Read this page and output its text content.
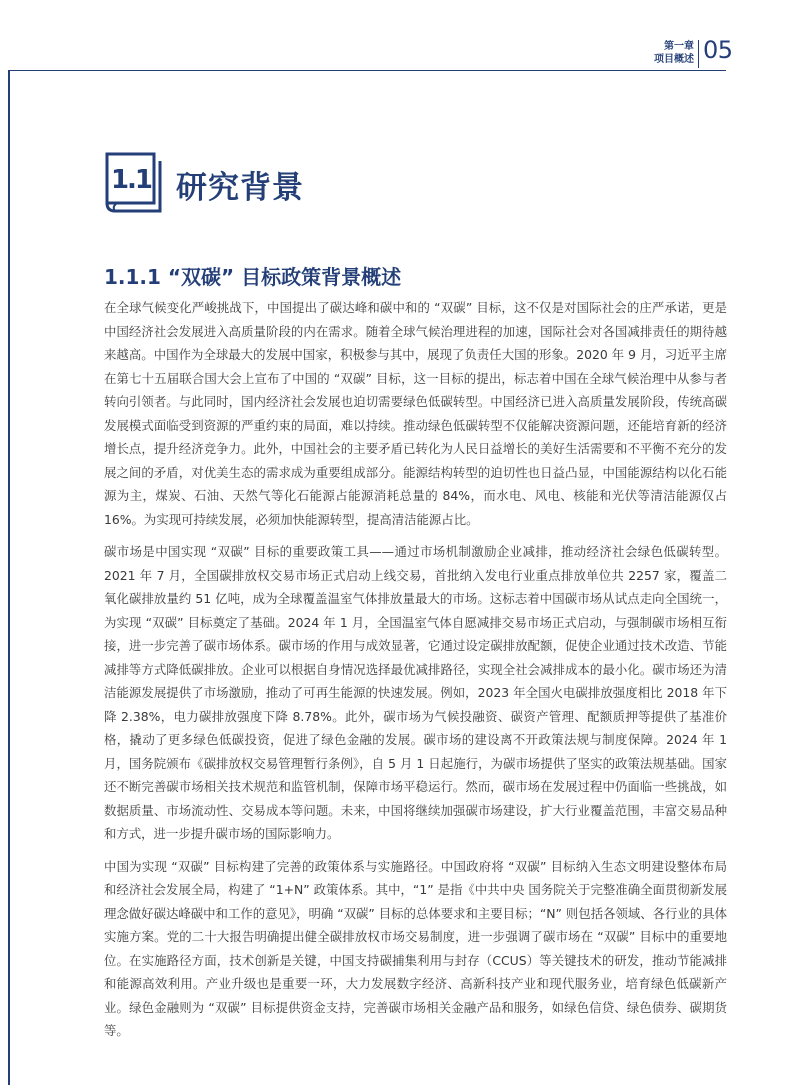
第一章
项目概述 05
1.1 研究背景
1.1.1 “双碳” 目标政策背景概述

在全球气候变化严峻挑战下，中国提出了碳达峰和碳中和的 “双碳” 目标，这不仅是对国际社会的庄严承诺，更是中国经济社会发展进入高质量阶段的内在需求。随着全球气候治理进程的加速，国际社会对各国减排责任的期待越来越高。中国作为全球最大的发展中国家，积极参与其中，展现了负责任大国的形象。2020 年 9 月，习近平主席在第七十五届联合国大会上宣布了中国的 “双碳” 目标，这一目标的提出，标志着中国在全球气候治理中从参与者转向引领者。与此同时，国内经济社会发展也迫切需要绿色低碳转型。中国经济已进入高质量发展阶段，传统高碳发展模式面临受到资源的严重约束的局面，难以持续。推动绿色低碳转型不仅能解决资源问题，还能培育新的经济增长点，提升经济竞争力。此外，中国社会的主要矛盾已转化为人民日益增长的美好生活需要和不平衡不充分的发展之间的矛盾，对优美生态的需求成为重要组成部分。能源结构转型的迫切性也日益凸显，中国能源结构以化石能源为主，煤炭、石油、天然气等化石能源占能源消耗总量的 84%，而水电、风电、核能和光伏等清洁能源仅占 16%。为实现可持续发展，必须加快能源转型，提高清洁能源占比。

碳市场是中国实现 “双碳” 目标的重要政策工具——通过市场机制激励企业减排，推动经济社会绿色低碳转型。2021 年 7 月，全国碳排放权交易市场正式启动上线交易，首批纳入发电行业重点排放单位共 2257 家，覆盖二氧化碳排放量约 51 亿吨，成为全球覆盖温室气体排放量最大的市场。这标志着中国碳市场从试点走向全国统一，为实现 “双碳” 目标奠定了基础。2024 年 1 月，全国温室气体自愿减排交易市场正式启动，与强制碳市场相互衔接，进一步完善了碳市场体系。碳市场的作用与成效显著，它通过设定碳排放配额，促使企业通过技术改造、节能减排等方式降低碳排放。企业可以根据自身情况选择最优减排路径，实现全社会减排成本的最小化。碳市场还为清洁能源发展提供了市场激励，推动了可再生能源的快速发展。例如，2023 年全国火电碳排放强度相比 2018 年下降 2.38%，电力碳排放强度下降 8.78%。此外，碳市场为气候投融资、碳资产管理、配额质押等提供了基准价格，撬动了更多绿色低碳投资，促进了绿色金融的发展。碳市场的建设离不开政策法规与制度保障。2024 年 1 月，国务院颁布《碳排放权交易管理暂行条例》，自 5 月 1 日起施行，为碳市场提供了坚实的政策法规基础。国家还不断完善碳市场相关技术规范和监管机制，保障市场平稳运行。然而，碳市场在发展过程中仍面临一些挑战，如数据质量、市场流动性、交易成本等问题。未来，中国将继续加强碳市场建设，扩大行业覆盖范围，丰富交易品种和方式，进一步提升碳市场的国际影响力。

中国为实现 “双碳” 目标构建了完善的政策体系与实施路径。中国政府将 “双碳” 目标纳入生态文明建设整体布局和经济社会发展全局，构建了 “1+N” 政策体系。其中，“1” 是指《中共中央 国务院关于完整准确全面贯彻新发展理念做好碳达峰碳中和工作的意见》，明确 “双碳” 目标的总体要求和主要目标；“N” 则包括各领域、各行业的具体实施方案。党的二十大报告明确提出健全碳排放权市场交易制度，进一步强调了碳市场在 “双碳” 目标中的重要地位。在实施路径方面，技术创新是关键，中国支持碳捕集利用与封存（CCUS）等关键技术的研发，推动节能减排和能源高效利用。产业升级也是重要一环，大力发展数字经济、高新科技产业和现代服务业，培育绿色低碳新产业。绿色金融则为 “双碳” 目标提供资金支持，完善碳市场相关金融产品和服务，如绿色信贷、绿色债券、碳期货等。
